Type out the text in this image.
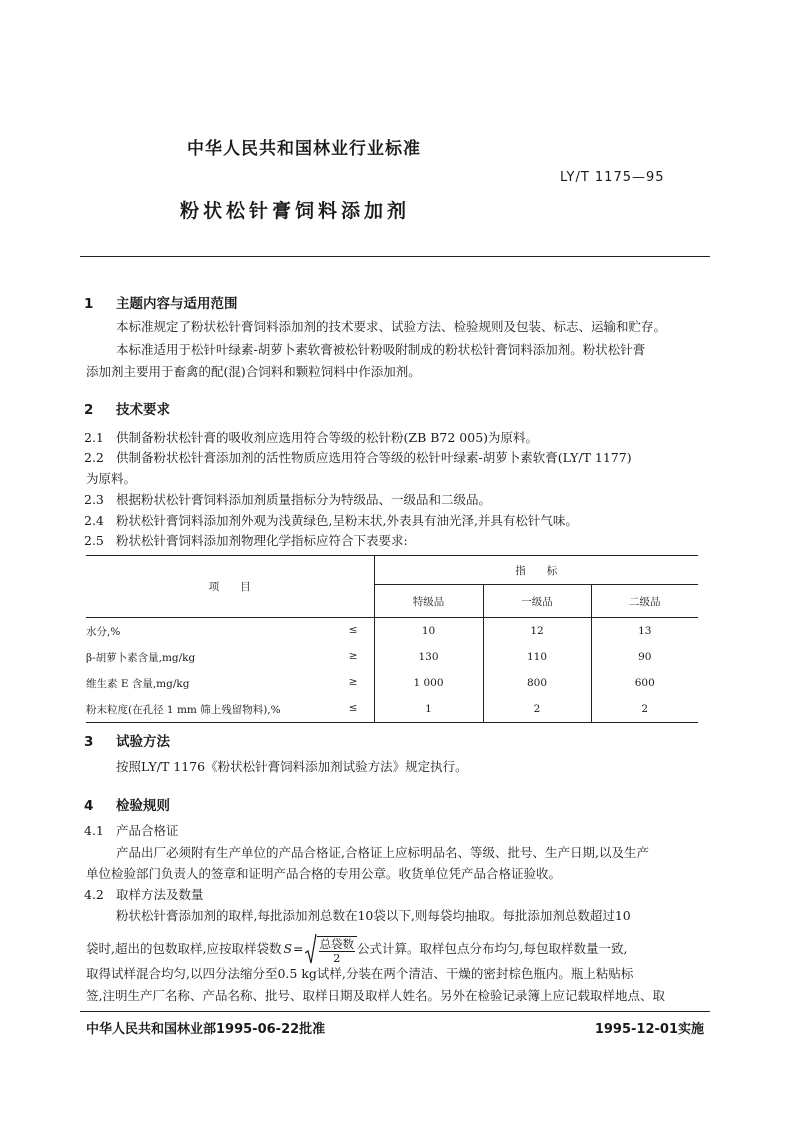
中华人民共和国林业行业标准
LY/T 1175—95
粉状松针膏饲料添加剂
1 主题内容与适用范围
本标准规定了粉状松针膏饲料添加剂的技术要求、试验方法、检验规则及包装、标志、运输和贮存。
本标准适用于松针叶绿素-胡萝卜素软膏被松针粉吸附制成的粉状松针膏饲料添加剂。粉状松针膏
添加剂主要用于畜禽的配(混)合饲料和颗粒饲料中作添加剂。
2 技术要求
2.1 供制备粉状松针膏的吸收剂应选用符合等级的松针粉(ZB B72 005)为原料。
2.2 供制备粉状松针膏添加剂的活性物质应选用符合等级的松针叶绿素-胡萝卜素软膏(LY/T 1177)
为原料。
2.3 根据粉状松针膏饲料添加剂质量指标分为特级品、一级品和二级品。
2.4 粉状松针膏饲料添加剂外观为浅黄绿色,呈粉末状,外表具有油光泽,并具有松针气味。
2.5 粉状松针膏饲料添加剂物理化学指标应符合下表要求:
项　　目	指　　标		
	特级品	一级品	二级品
水分,% ≤	10	12	13
β-胡萝卜素含量,mg/kg ≥	130	110	90
维生素 E 含量,mg/kg ≥	1 000	800	600
粉末粒度(在孔径 1 mm 筛上残留物料),% ≤	1	2	2
3 试验方法
按照LY/T 1176《粉状松针膏饲料添加剂试验方法》规定执行。
4 检验规则
4.1 产品合格证
产品出厂必须附有生产单位的产品合格证,合格证上应标明品名、等级、批号、生产日期,以及生产
单位检验部门负责人的签章和证明产品合格的专用公章。收货单位凭产品合格证验收。
4.2 取样方法及数量
粉状松针膏添加剂的取样,每批添加剂总数在10袋以下,则每袋均抽取。每批添加剂总数超过10
袋时,超出的包数取样,应按取样袋数 S = 总袋数
2
公式计算。取样包点分布均匀,每包取样数量一致,
取得试样混合均匀,以四分法缩分至0.5 kg试样,分装在两个清洁、干燥的密封棕色瓶内。瓶上粘贴标
签,注明生产厂名称、产品名称、批号、取样日期及取样人姓名。另外在检验记录簿上应记载取样地点、取
中华人民共和国林业部1995-06-22批准	1995-12-01实施
